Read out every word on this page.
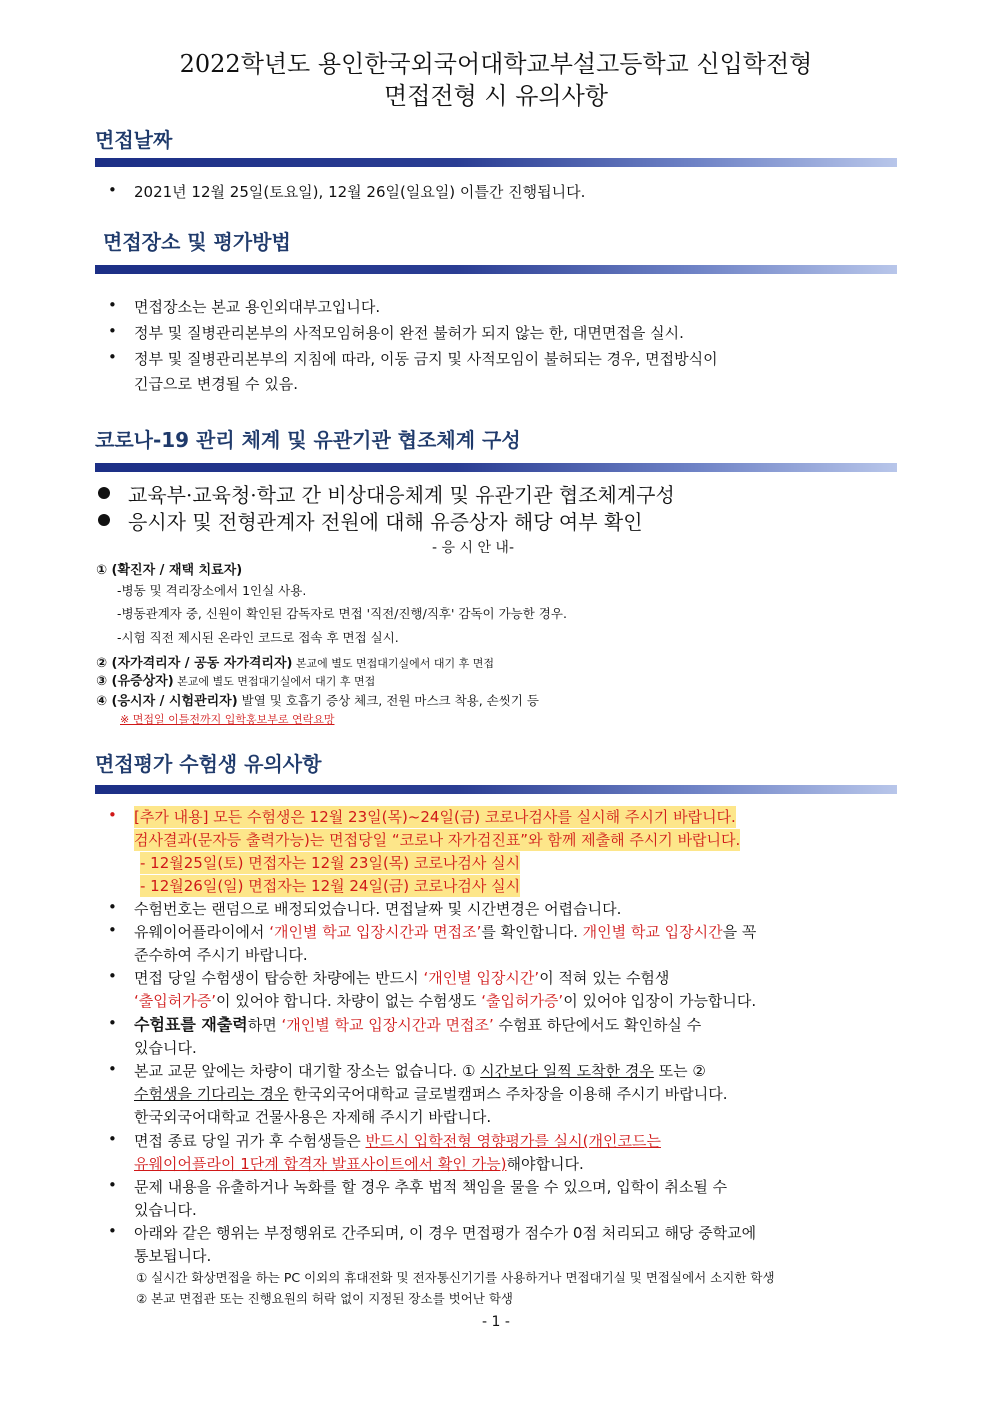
2022학년도 용인한국외국어대학교부설고등학교 신입학전형
면접전형 시 유의사항
면접날짜
• 2021년 12월 25일(토요일), 12월 26일(일요일) 이틀간 진행됩니다.
면접장소 및 평가방법
• 면접장소는 본교 용인외대부고입니다.
• 정부 및 질병관리본부의 사적모임허용이 완전 불허가 되지 않는 한, 대면면접을 실시.
• 정부 및 질병관리본부의 지침에 따라, 이동 금지 및 사적모임이 불허되는 경우, 면접방식이
긴급으로 변경될 수 있음.
코로나-19 관리 체계 및 유관기관 협조체계 구성
교육부·교육청·학교 간 비상대응체계 및 유관기관 협조체계구성
응시자 및 전형관계자 전원에 대해 유증상자 해당 여부 확인
- 응 시 안 내-
① (확진자 / 재택 치료자)
-병동 및 격리장소에서 1인실 사용.
-병동관계자 중, 신원이 확인된 감독자로 면접 '직전/진행/직후' 감독이 가능한 경우.
-시험 직전 제시된 온라인 코드로 접속 후 면접 실시.
② (자가격리자 / 공동 자가격리자) 본교에 별도 면접대기실에서 대기 후 면접
③ (유증상자) 본교에 별도 면접대기실에서 대기 후 면접
④ (응시자 / 시험관리자) 발열 및 호흡기 증상 체크, 전원 마스크 착용, 손씻기 등
※ 면접일 이틀전까지 입학홍보부로 연락요망
면접평가 수험생 유의사항
• [추가 내용] 모든 수험생은 12월 23일(목)~24일(금) 코로나검사를 실시해 주시기 바랍니다.
검사결과(문자등 출력가능)는 면접당일 “코로나 자가검진표”와 함께 제출해 주시기 바랍니다.
- 12월25일(토) 면접자는 12월 23일(목) 코로나검사 실시
- 12월26일(일) 면접자는 12월 24일(금) 코로나검사 실시
• 수험번호는 랜덤으로 배정되었습니다. 면접날짜 및 시간변경은 어렵습니다.
• 유웨이어플라이에서 ‘개인별 학교 입장시간과 면접조’를 확인합니다. 개인별 학교 입장시간을 꼭
준수하여 주시기 바랍니다.
• 면접 당일 수험생이 탑승한 차량에는 반드시 ‘개인별 입장시간’이 적혀 있는 수험생
‘출입허가증’이 있어야 합니다. 차량이 없는 수험생도 ‘출입허가증’이 있어야 입장이 가능합니다.
• 수험표를 재출력하면 ‘개인별 학교 입장시간과 면접조’ 수험표 하단에서도 확인하실 수
있습니다.
• 본교 교문 앞에는 차량이 대기할 장소는 없습니다. ① 시간보다 일찍 도착한 경우 또는 ②
수험생을 기다리는 경우 한국외국어대학교 글로벌캠퍼스 주차장을 이용해 주시기 바랍니다.
한국외국어대학교 건물사용은 자제해 주시기 바랍니다.
• 면접 종료 당일 귀가 후 수험생들은 반드시 입학전형 영향평가를 실시(개인코드는
유웨이어플라이 1단계 합격자 발표사이트에서 확인 가능)해야합니다.
• 문제 내용을 유출하거나 녹화를 할 경우 추후 법적 책임을 물을 수 있으며, 입학이 취소될 수
있습니다.
• 아래와 같은 행위는 부정행위로 간주되며, 이 경우 면접평가 점수가 0점 처리되고 해당 중학교에
통보됩니다.
① 실시간 화상면접을 하는 PC 이외의 휴대전화 및 전자통신기기를 사용하거나 면접대기실 및 면접실에서 소지한 학생
② 본교 면접관 또는 진행요원의 허락 없이 지정된 장소를 벗어난 학생
- 1 -
